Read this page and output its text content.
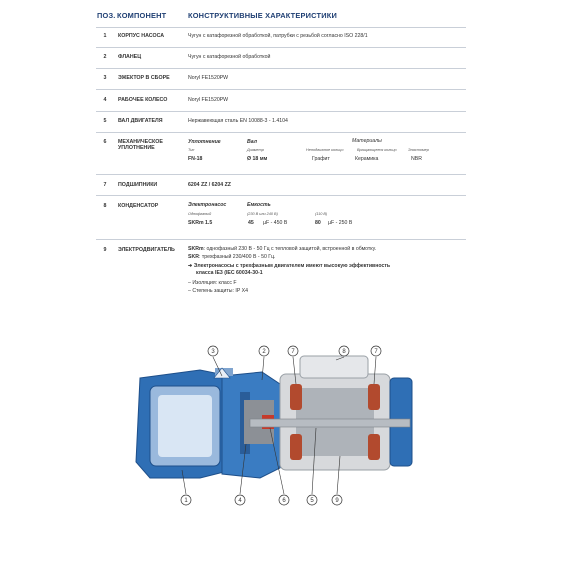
ПОЗ. КОМПОНЕНТ	КОНСТРУКТИВНЫЕ ХАРАКТЕРИСТИКИ
1	КОРПУС НАСОСА	Чугун с катафорезной обработкой, патрубки с резьбой согласно ISO 228/1
2	ФЛАНЕЦ	Чугун с катафорезной обработкой
3	ЭЖЕКТОР В СБОРЕ	Noryl FE1520PW
4	РАБОЧЕЕ КОЛЕСО	Noryl FE1520PW
5	ВАЛ ДВИГАТЕЛЯ	Нержавеющая сталь EN 10088-3 - 1.4104
6	МЕХАНИЧЕСКОЕ
УПЛОТНЕНИЕ
Уплотнение	Вал	Материалы
Тип	Диаметр	Неподвижное кольцо	Вращающееся кольцо	Эластомер
FN-18	Ø 18 мм	Графит	Керамика	NBR
7	ПОДШИПНИКИ	6204 ZZ / 6204 ZZ
8	КОНДЕНСАТОР	Электронасос	Емкость
Однофазный	(230 В или 240 В)	(110 В)
SKRm 1.5	45 µF - 450 В	80 µF - 250 В
9	ЭЛЕКТРОДВИГАТЕЛЬ	SKRm: однофазный 230 В - 50 Гц с тепловой защитой, встроенной в обмотку.
SKR: трехфазный 230/400 В - 50 Гц.
➔ Электронасосы с трехфазным двигателем имеют высокую эффективность
класса IE3 (IEC 60034-30-1
– Изоляция: класс F
– Степень защиты: IP X4
3	2	7	8	7
1	4	6	5	9
